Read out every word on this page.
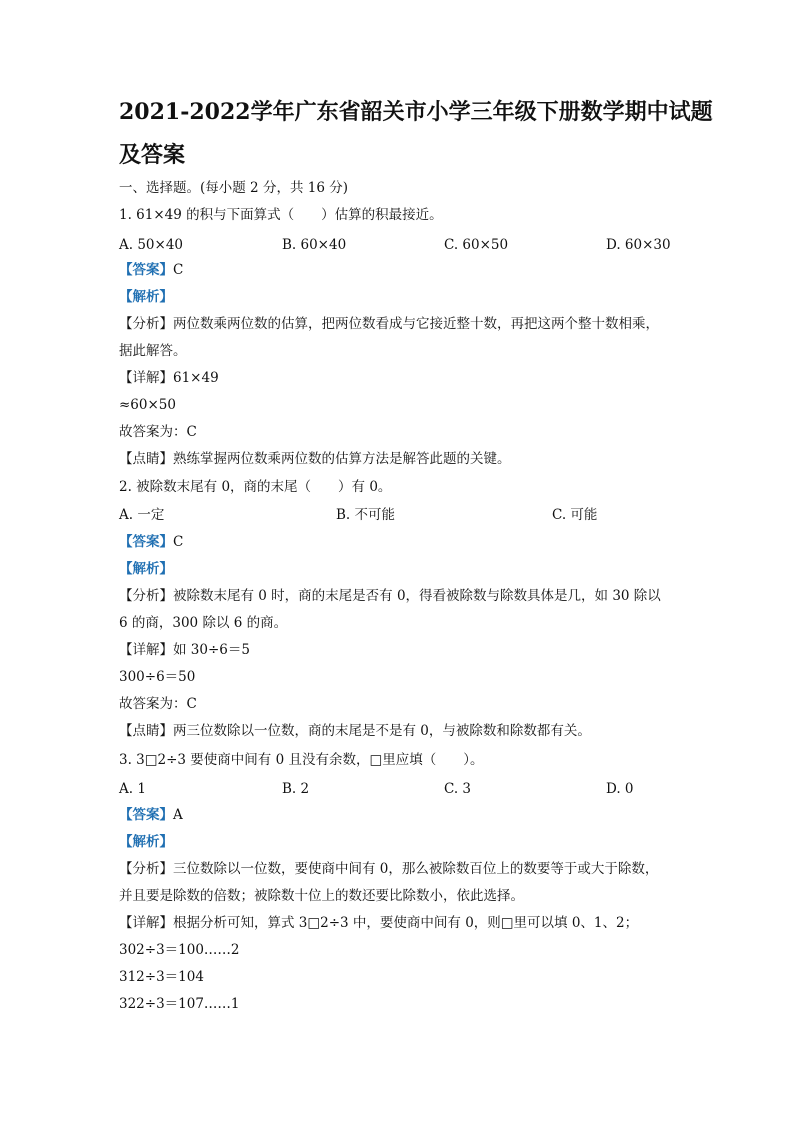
2021-2022学年广东省韶关市小学三年级下册数学期中试题
及答案
一、选择题。(每小题 2 分，共 16 分)
1. 61×49 的积与下面算式（　　）估算的积最接近。
A. 50×40	B. 60×40	C. 60×50	D. 60×30
【答案】C
【解析】
【分析】两位数乘两位数的估算，把两位数看成与它接近整十数，再把这两个整十数相乘，
据此解答。
【详解】61×49
≈60×50
故答案为：C
【点睛】熟练掌握两位数乘两位数的估算方法是解答此题的关键。
2. 被除数末尾有 0，商的末尾（　　）有 0。
A. 一定	B. 不可能	C. 可能
【答案】C
【解析】
【分析】被除数末尾有 0 时，商的末尾是否有 0，得看被除数与除数具体是几，如 30 除以
6 的商，300 除以 6 的商。
【详解】如 30÷6＝5
300÷6＝50
故答案为：C
【点睛】两三位数除以一位数，商的末尾是不是有 0，与被除数和除数都有关。
3. 3□2÷3 要使商中间有 0 且没有余数，□里应填（　　）。
A. 1	B. 2	C. 3	D. 0
【答案】A
【解析】
【分析】三位数除以一位数，要使商中间有 0，那么被除数百位上的数要等于或大于除数，
并且要是除数的倍数；被除数十位上的数还要比除数小，依此选择。
【详解】根据分析可知，算式 3□2÷3 中，要使商中间有 0，则□里可以填 0、1、2；
302÷3＝100……2
312÷3＝104
322÷3＝107……1
